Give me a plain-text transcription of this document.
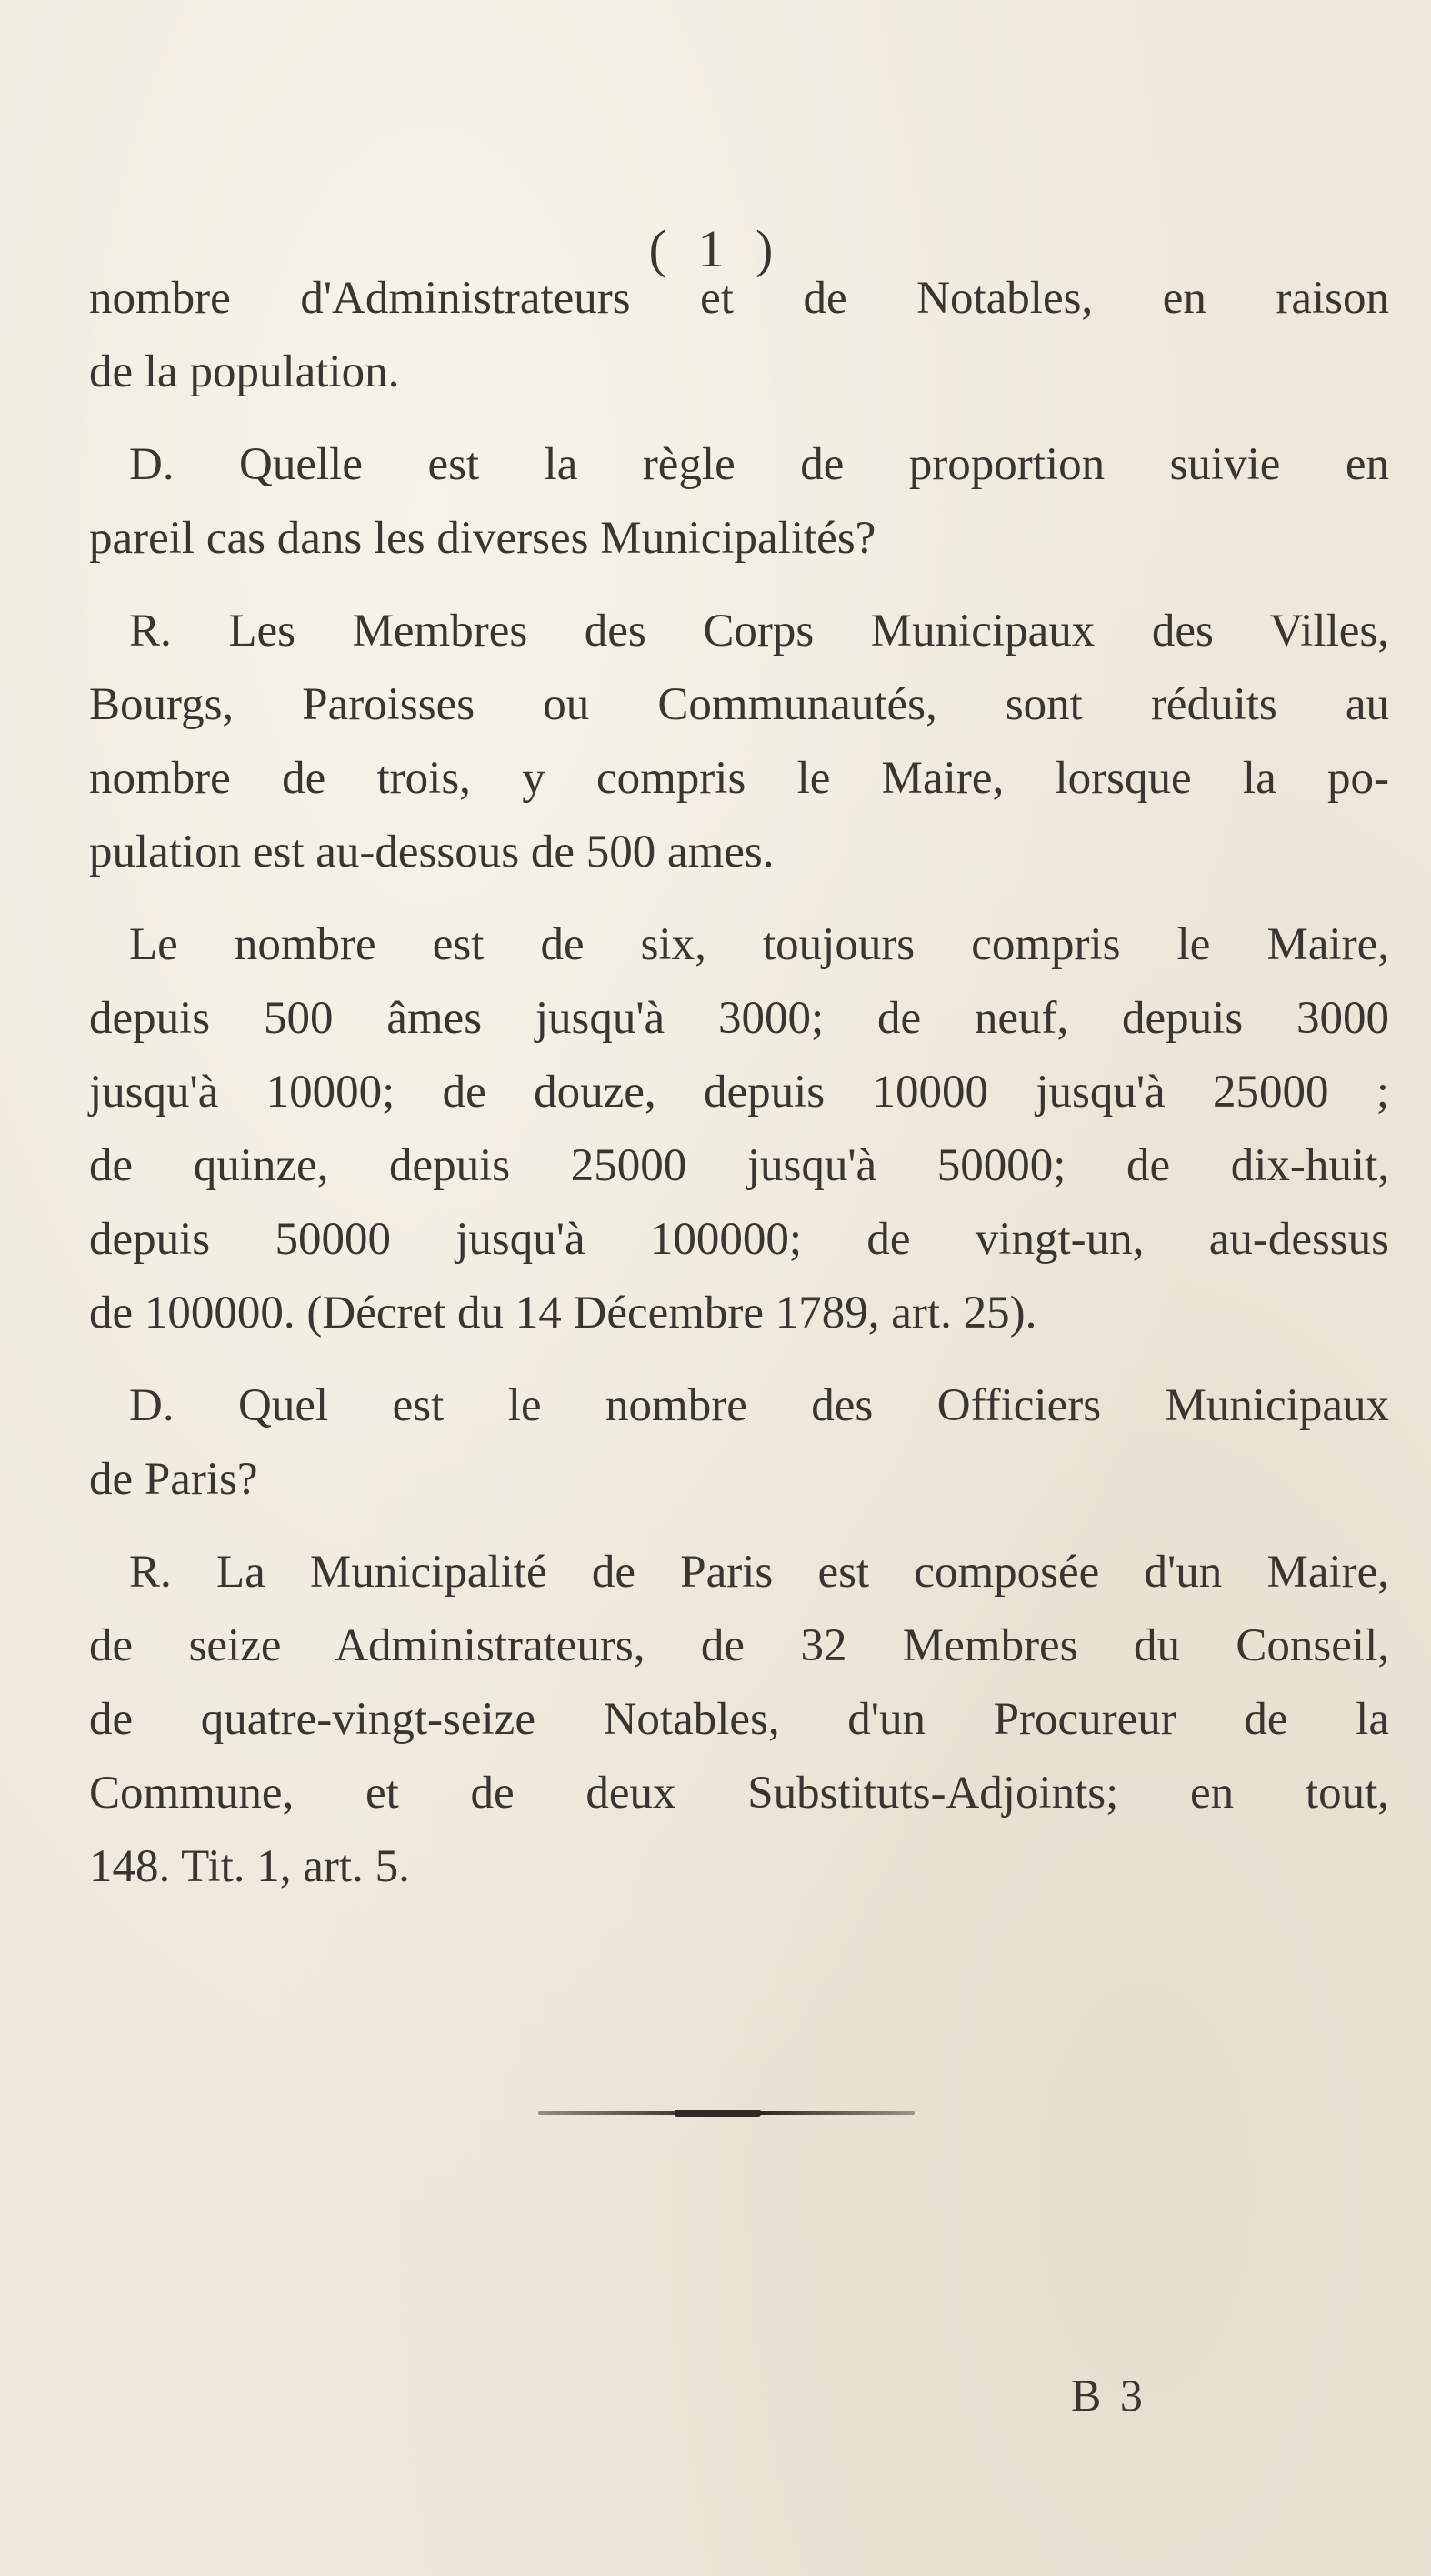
( 1 )
nombre d'Administrateurs et de Notables, en raison
de la population.
D. Quelle est la règle de proportion suivie en
pareil cas dans les diverses Municipalités?
R. Les Membres des Corps Municipaux des Villes,
Bourgs, Paroisses ou Communautés, sont réduits au
nombre de trois, y compris le Maire, lorsque la po-
pulation est au-dessous de 500 ames.
Le nombre est de six, toujours compris le Maire,
depuis 500 âmes jusqu'à 3000; de neuf, depuis 3000
jusqu'à 10000; de douze, depuis 10000 jusqu'à 25000 ;
de quinze, depuis 25000 jusqu'à 50000; de dix-huit,
depuis 50000 jusqu'à 100000; de vingt-un, au-dessus
de 100000. (Décret du 14 Décembre 1789, art. 25).
D. Quel est le nombre des Officiers Municipaux
de Paris?
R. La Municipalité de Paris est composée d'un Maire,
de seize Administrateurs, de 32 Membres du Conseil,
de quatre-vingt-seize Notables, d'un Procureur de la
Commune, et de deux Substituts-Adjoints; en tout,
148. Tit. 1, art. 5.
B 3
